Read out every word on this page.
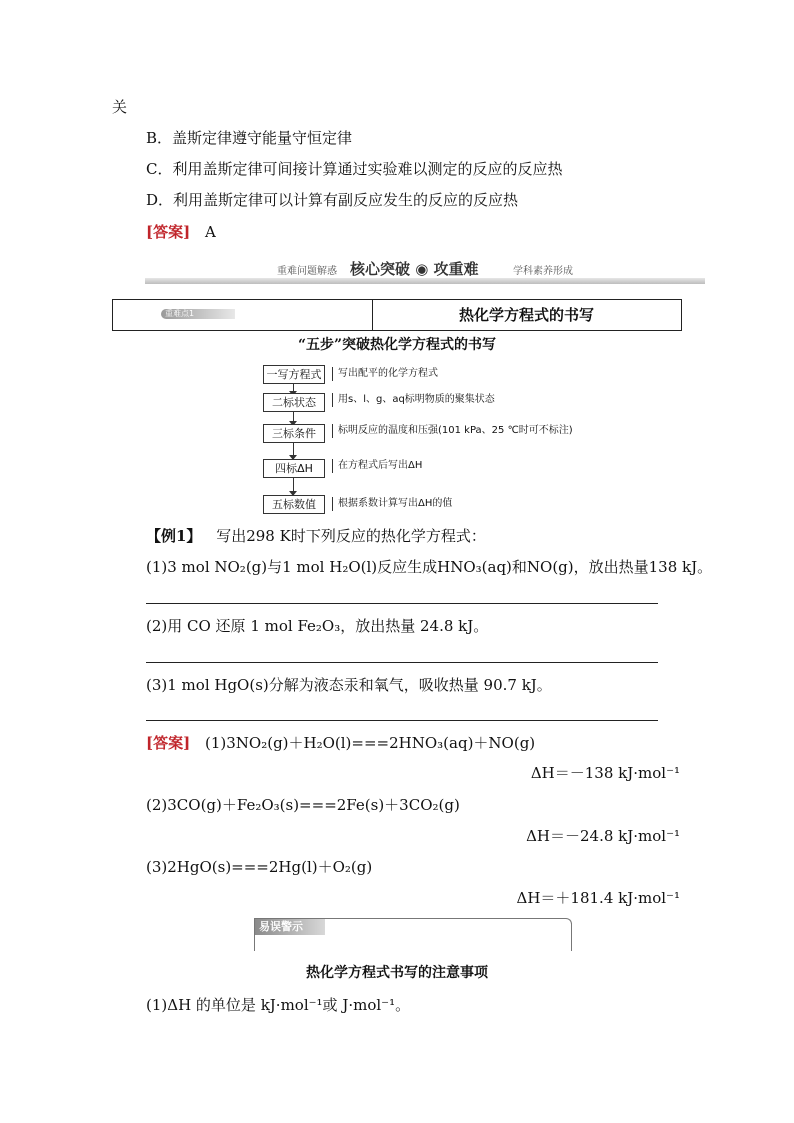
关
B．盖斯定律遵守能量守恒定律
C．利用盖斯定律可间接计算通过实验难以测定的反应的反应热
D．利用盖斯定律可以计算有副反应发生的反应的反应热
[答案] A
重难问题解惑 核心突破 ◉ 攻重难	学科素养形成
重难点1	热化学方程式的书写
“五步”突破热化学方程式的书写
一写方程式	写出配平的化学方程式
二标状态	用s、l、g、aq标明物质的聚集状态
三标条件	标明反应的温度和压强(101 kPa、25 ℃时可不标注)
四标ΔH	在方程式后写出ΔH
五标数值	根据系数计算写出ΔH的值
【例1】 写出298 K时下列反应的热化学方程式：
(1)3 mol NO₂(g)与1 mol H₂O(l)反应生成HNO₃(aq)和NO(g)，放出热量138 kJ。
(2)用 CO 还原 1 mol Fe₂O₃，放出热量 24.8 kJ。
(3)1 mol HgO(s)分解为液态汞和氧气，吸收热量 90.7 kJ。
[答案] (1)3NO₂(g)＋H₂O(l)===2HNO₃(aq)＋NO(g)
ΔH＝－138 kJ·mol⁻¹
(2)3CO(g)＋Fe₂O₃(s)===2Fe(s)＋3CO₂(g)
ΔH＝－24.8 kJ·mol⁻¹
(3)2HgO(s)===2Hg(l)＋O₂(g)
ΔH＝＋181.4 kJ·mol⁻¹
易误警示
热化学方程式书写的注意事项
(1)ΔH 的单位是 kJ·mol⁻¹或 J·mol⁻¹。
